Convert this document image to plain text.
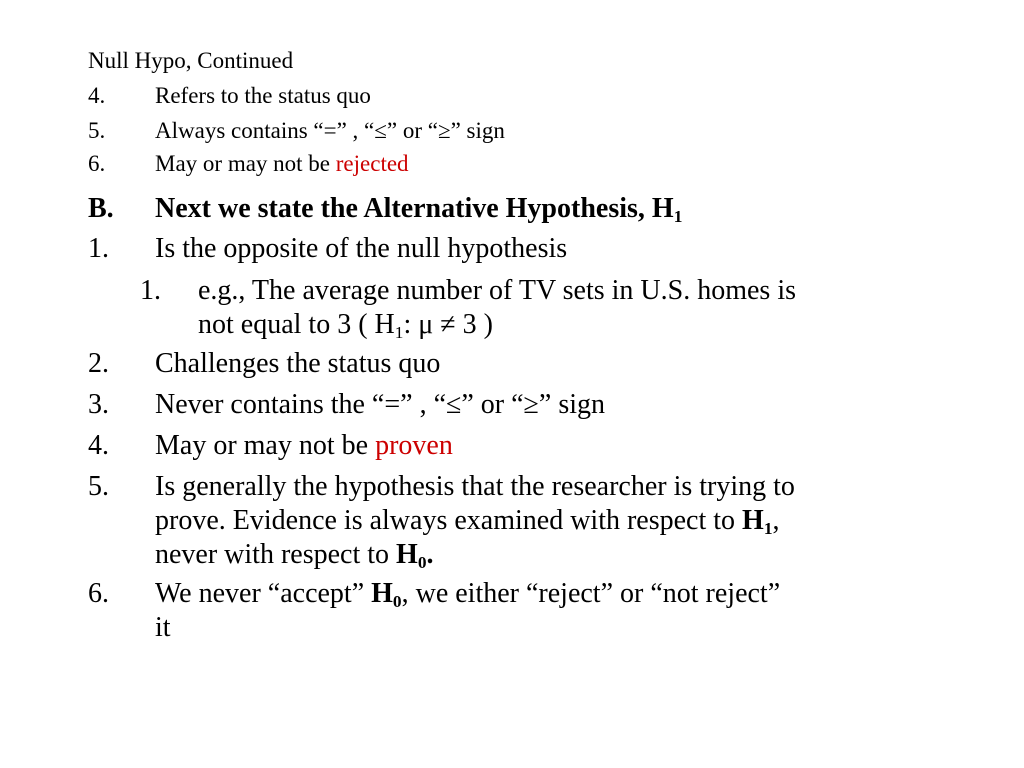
Null Hypo, Continued
4. Refers to the status quo
5. Always contains “=” , “≤” or “≥” sign
6. May or may not be rejected
B. Next we state the Alternative Hypothesis, $H_1$
1. Is the opposite of the null hypothesis
1. e.g., The average number of TV sets in U.S. homes is
not equal to 3 ( $H_1$: μ ≠ 3 )
2. Challenges the status quo
3. Never contains the “=” , “≤” or “≥” sign
4. May or may not be proven
5. Is generally the hypothesis that the researcher is trying to
prove. Evidence is always examined with respect to $H_1$,
never with respect to $H_0$.
6. We never “accept” $H_0$, we either “reject” or “not reject”
it
